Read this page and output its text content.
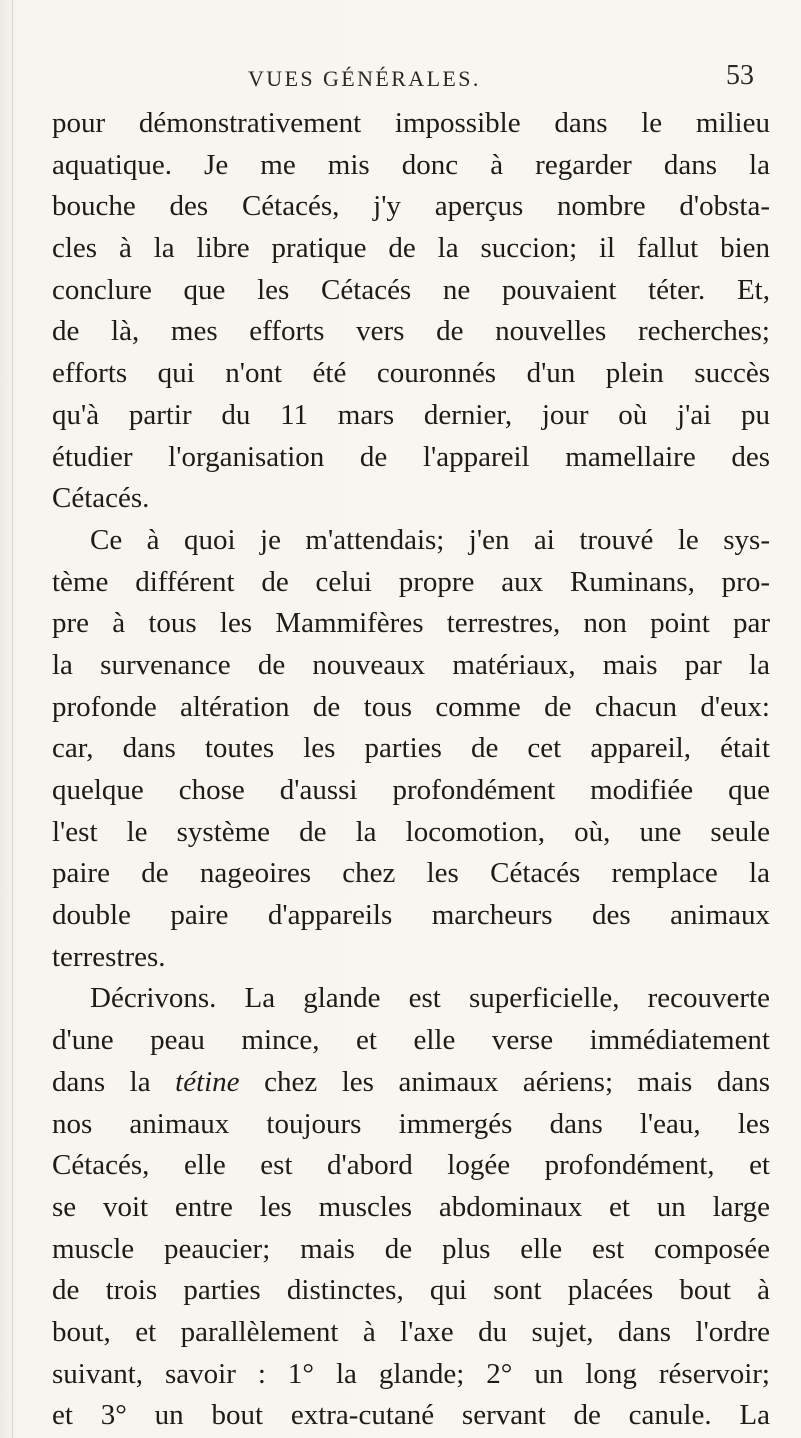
VUES GÉNÉRALES.	53
pour démonstrativement impossible dans le milieu
aquatique. Je me mis donc à regarder dans la
bouche des Cétacés, j'y aperçus nombre d'obsta-
cles à la libre pratique de la succion; il fallut bien
conclure que les Cétacés ne pouvaient téter. Et,
de là, mes efforts vers de nouvelles recherches;
efforts qui n'ont été couronnés d'un plein succès
qu'à partir du 11 mars dernier, jour où j'ai pu
étudier l'organisation de l'appareil mamellaire des
Cétacés.
Ce à quoi je m'attendais; j'en ai trouvé le sys-
tème différent de celui propre aux Ruminans, pro-
pre à tous les Mammifères terrestres, non point par
la survenance de nouveaux matériaux, mais par la
profonde altération de tous comme de chacun d'eux:
car, dans toutes les parties de cet appareil, était
quelque chose d'aussi profondément modifiée que
l'est le système de la locomotion, où, une seule
paire de nageoires chez les Cétacés remplace la
double paire d'appareils marcheurs des animaux
terrestres.
Décrivons. La glande est superficielle, recouverte
d'une peau mince, et elle verse immédiatement
dans la tétine chez les animaux aériens; mais dans
nos animaux toujours immergés dans l'eau, les
Cétacés, elle est d'abord logée profondément, et
se voit entre les muscles abdominaux et un large
muscle peaucier; mais de plus elle est composée
de trois parties distinctes, qui sont placées bout à
bout, et parallèlement à l'axe du sujet, dans l'ordre
suivant, savoir : 1° la glande; 2° un long réservoir;
et 3° un bout extra-cutané servant de canule. La
